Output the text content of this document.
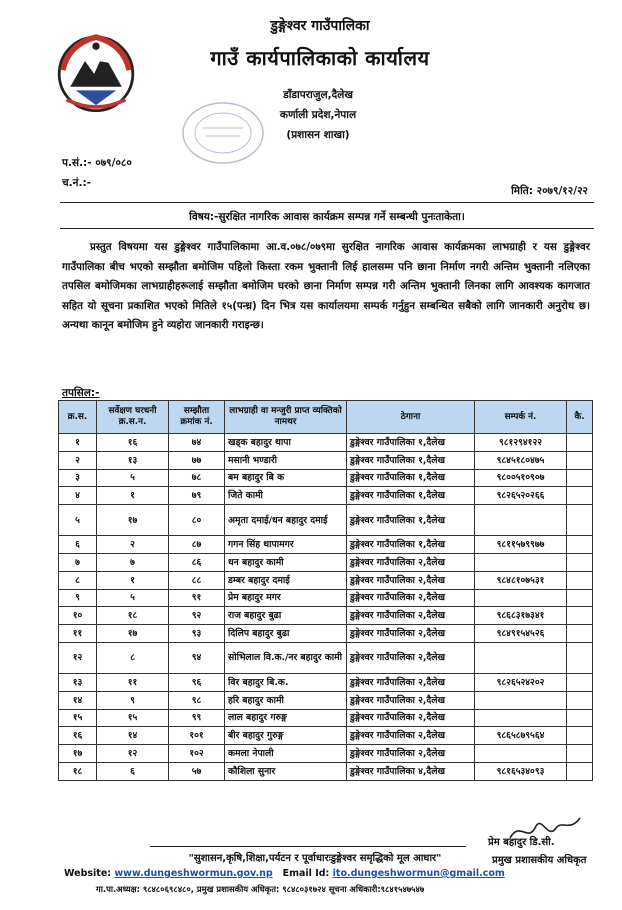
डुङ्गेश्वर गाउँपालिका
गाउँ कार्यपालिकाको कार्यालय
डाँडापराजुल,दैलेख
कर्णाली प्रदेश,नेपाल
(प्रशासन शाखा)
प.सं.:- ०७९/०८०
च.नं.:-
मिति: २०७९/१२/२२
विषय:-सुरक्षित नागरिक आवास कार्यक्रम सम्पन्न गर्ने सम्बन्धी पुनःताकेता।

प्रस्तुत विषयमा यस डुङ्गेश्वर गाउँपालिकामा आ.व.०७८/०७९मा सुरक्षित नागरिक आवास कार्यक्रमका लाभग्राही र यस डुङ्गेश्वर गाउँपालिका बीच भएको सम्झौता बमोजिम पहिलो किस्ता रकम भुक्तानी लिई हालसम्म पनि छाना निर्माण नगरी अन्तिम भुक्तानी नलिएका तपसिल बमोजिमका लाभग्राहीहरूलाई सम्झौता बमोजिम घरको छाना निर्माण सम्पन्न गरी अन्तिम भुक्तानी लिनका लागि आवश्यक कागजात सहित यो सूचना प्रकाशित भएको मितिले १५(पन्ध्र) दिन भित्र यस कार्यालयमा सम्पर्क गर्नुहुन सम्बन्धित सबैको लागि जानकारी अनुरोध छ। अन्यथा कानून बमोजिम हुने व्यहोरा जानकारी गराइन्छ।

तपसिल:-
क्र.स.	सर्वेक्षण घरधनी क्र.स.न.	सम्झौता क्रमांक नं.	लाभग्राही वा मन्जुरी प्राप्त व्यक्तिको नामथर	ठेगाना	सम्पर्क नं.	कै.
१	१६	७४	खड्क बहादुर थापा	डुङ्गेश्वर गाउँपालिका १,दैलेख	९८१२९४१२२	
२	१३	७७	मसानी भण्डारी	डुङ्गेश्वर गाउँपालिका १,दैलेख	९८४५१८०४७५	
३	५	७८	बम बहादुर बि क	डुङ्गेश्वर गाउँपालिका १,दैलेख	९८००५१०९०७	
४	१	७९	जिते कामी	डुङ्गेश्वर गाउँपालिका १,दैलेख	९८२६५२०२६६	
५	१७	८०	अमृता दमाई/धन बहादुर दमाई	डुङ्गेश्वर गाउँपालिका १,दैलेख		
६	२	८७	गगन सिंह थापामगर	डुङ्गेश्वर गाउँपालिका १,दैलेख	९८११५७९९७७	
७	७	८६	धन बहादुर कामी	डुङ्गेश्वर गाउँपालिका २,दैलेख		
८	१	८८	डम्बर बहादुर दमाई	डुङ्गेश्वर गाउँपालिका २,दैलेख	९८४८१०७५३१	
९	५	९१	प्रेम बहादुर मगर	डुङ्गेश्वर गाउँपालिका २,दैलेख		
१०	१८	९२	राज बहादुर बुढा	डुङ्गेश्वर गाउँपालिका २,दैलेख	९८६८३१७३४१	
११	१७	९३	दिलिप बहादुर बुढा	डुङ्गेश्वर गाउँपालिका २,दैलेख	९८४९१५४५२६	
१२	८	९४	सोभिलाल वि.क./नर बहादुर कामी	डुङ्गेश्वर गाउँपालिका २,दैलेख		
१३	११	९६	विर बहादुर बि.क.	डुङ्गेश्वर गाउँपालिका २,दैलेख	९८२६५२४२०२	
१४	९	९८	हरि बहादुर कामी	डुङ्गेश्वर गाउँपालिका २,दैलेख		
१५	१५	९९	लाल बहादुर गरुङ्ग	डुङ्गेश्वर गाउँपालिका २,दैलेख		
१६	१४	१०१	बीर बहादुर गुरुङ्ग	डुङ्गेश्वर गाउँपालिका २,दैलेख	९८६५८७९५६४	
१७	१२	१०२	कमला नेपाली	डुङ्गेश्वर गाउँपालिका २,दैलेख		
१८	६	५७	कौशिला सुनार	डुङ्गेश्वर गाउँपालिका ४,दैलेख	९८१६५३४०९३	
प्रेम बहादुर डि.सी.
प्रमुख प्रशासकीय अधिकृत
"सुशासन,कृषि,शिक्षा,पर्यटन र पूर्वाधारःडुङ्गेश्वर समृद्धिको मूल आधार"
Website: www.dungeshwormun.gov.np Email Id: ito.dungeshwormun@gmail.com
गा.पा.अध्यक्ष: ९८४८०६९८४८०, प्रमुख प्रशासकीय अधिकृत: ९८४८०३१७२४ सूचना अधिकारी:९८४१५४७५४७
